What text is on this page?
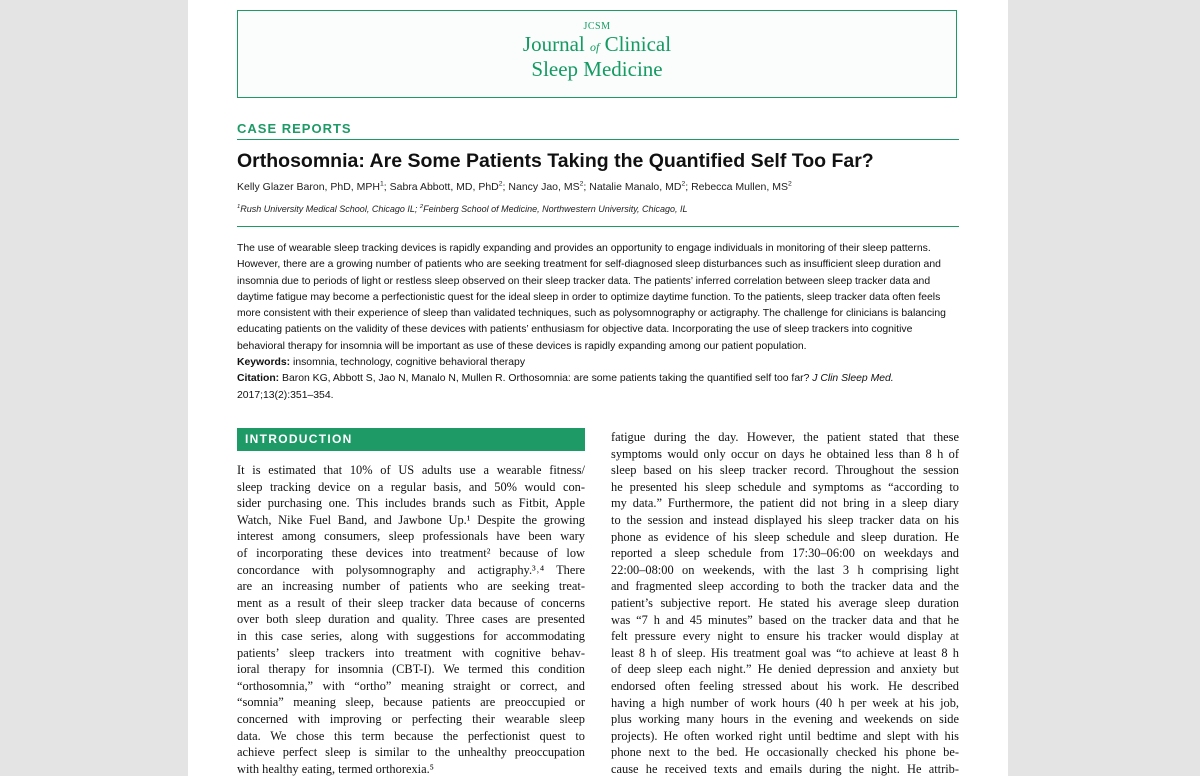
JCSM
Journal of Clinical
Sleep Medicine
CASE REPORTS
Orthosomnia: Are Some Patients Taking the Quantified Self Too Far?
Kelly Glazer Baron, PhD, MPH$^1$; Sabra Abbott, MD, PhD$^2$; Nancy Jao, $MS^2$; Natalie Manalo, $MD^2$; Rebecca Mullen, $MS^2$
$^1$Rush University Medical School, Chicago IL; $^2$Feinberg School of Medicine, Northwestern University, Chicago, IL

The use of wearable sleep tracking devices is rapidly expanding and provides an opportunity to engage individuals in monitoring of their sleep patterns.

However, there are a growing number of patients who are seeking treatment for self-diagnosed sleep disturbances such as insufficient sleep duration and

insomnia due to periods of light or restless sleep observed on their sleep tracker data. The patients’ inferred correlation between sleep tracker data and

daytime fatigue may become a perfectionistic quest for the ideal sleep in order to optimize daytime function. To the patients, sleep tracker data often feels

more consistent with their experience of sleep than validated techniques, such as polysomnography or actigraphy. The challenge for clinicians is balancing

educating patients on the validity of these devices with patients’ enthusiasm for objective data. Incorporating the use of sleep trackers into cognitive

behavioral therapy for insomnia will be important as use of these devices is rapidly expanding among our patient population.

Keywords: insomnia, technology, cognitive behavioral therapy

Citation: Baron KG, Abbott S, Jao N, Manalo N, Mullen R. Orthosomnia: are some patients taking the quantified self too far? J Clin Sleep Med.

2017;13(2):351–354.

INTRODUCTION
It is estimated that 10% of US adults use a wearable fitness/
sleep tracking device on a regular basis, and 50% would con-
sider purchasing one. This includes brands such as Fitbit, Apple
Watch, Nike Fuel Band, and Jawbone Up.¹ Despite the growing
interest among consumers, sleep professionals have been wary
of incorporating these devices into treatment² because of low
concordance with polysomnography and actigraphy.³˒⁴ There
are an increasing number of patients who are seeking treat-
ment as a result of their sleep tracker data because of concerns
over both sleep duration and quality. Three cases are presented
in this case series, along with suggestions for accommodating
patients’ sleep trackers into treatment with cognitive behav-
ioral therapy for insomnia (CBT-I). We termed this condition
“orthosomnia,” with “ortho” meaning straight or correct, and
“somnia” meaning sleep, because patients are preoccupied or
concerned with improving or perfecting their wearable sleep
data. We chose this term because the perfectionist quest to
achieve perfect sleep is similar to the unhealthy preoccupation
with healthy eating, termed orthorexia.⁵
fatigue during the day. However, the patient stated that these
symptoms would only occur on days he obtained less than 8 h of
sleep based on his sleep tracker record. Throughout the session
he presented his sleep schedule and symptoms as “according to
my data.” Furthermore, the patient did not bring in a sleep diary
to the session and instead displayed his sleep tracker data on his
phone as evidence of his sleep schedule and sleep duration. He
reported a sleep schedule from 17:30–06:00 on weekdays and
22:00–08:00 on weekends, with the last 3 h comprising light
and fragmented sleep according to both the tracker data and the
patient’s subjective report. He stated his average sleep duration
was “7 h and 45 minutes” based on the tracker data and that he
felt pressure every night to ensure his tracker would display at
least 8 h of sleep. His treatment goal was “to achieve at least 8 h
of deep sleep each night.” He denied depression and anxiety but
endorsed often feeling stressed about his work. He described
having a high number of work hours (40 h per week at his job,
plus working many hours in the evening and weekends on side
projects). He often worked right until bedtime and slept with his
phone next to the bed. He occasionally checked his phone be-
cause he received texts and emails during the night. He attrib-
